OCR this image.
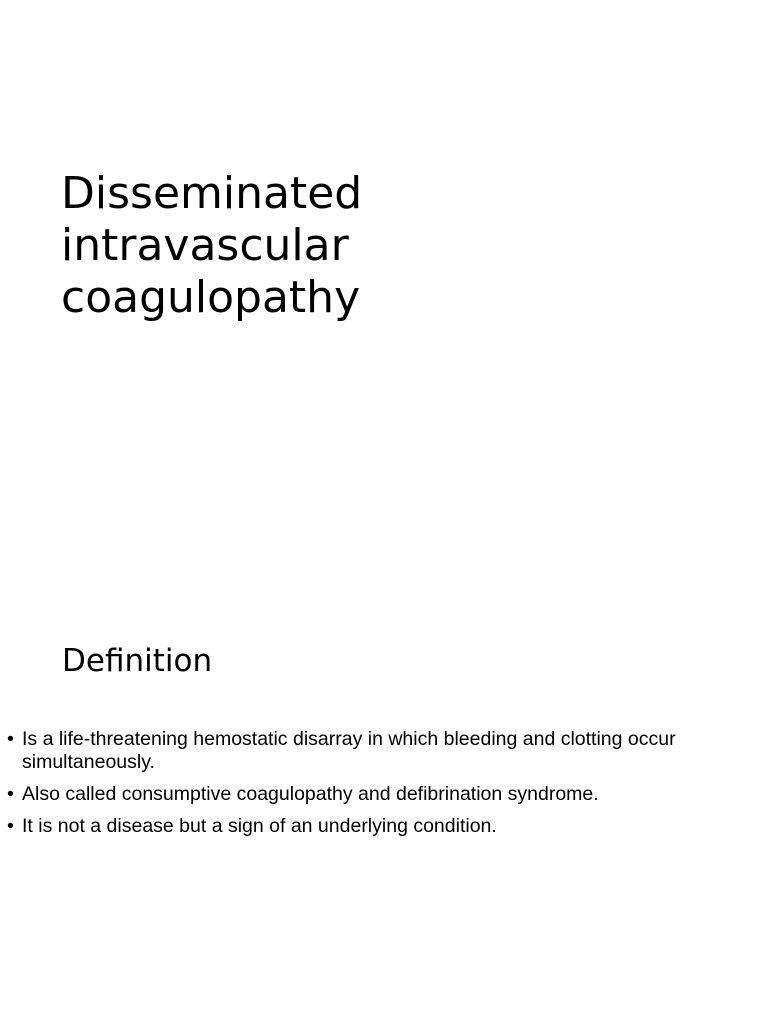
Disseminated
intravascular
coagulopathy
Definition
• Is a life-threatening hemostatic disarray in which bleeding and clotting occur simultaneously.
• Also called consumptive coagulopathy and defibrination syndrome.
• It is not a disease but a sign of an underlying condition.
